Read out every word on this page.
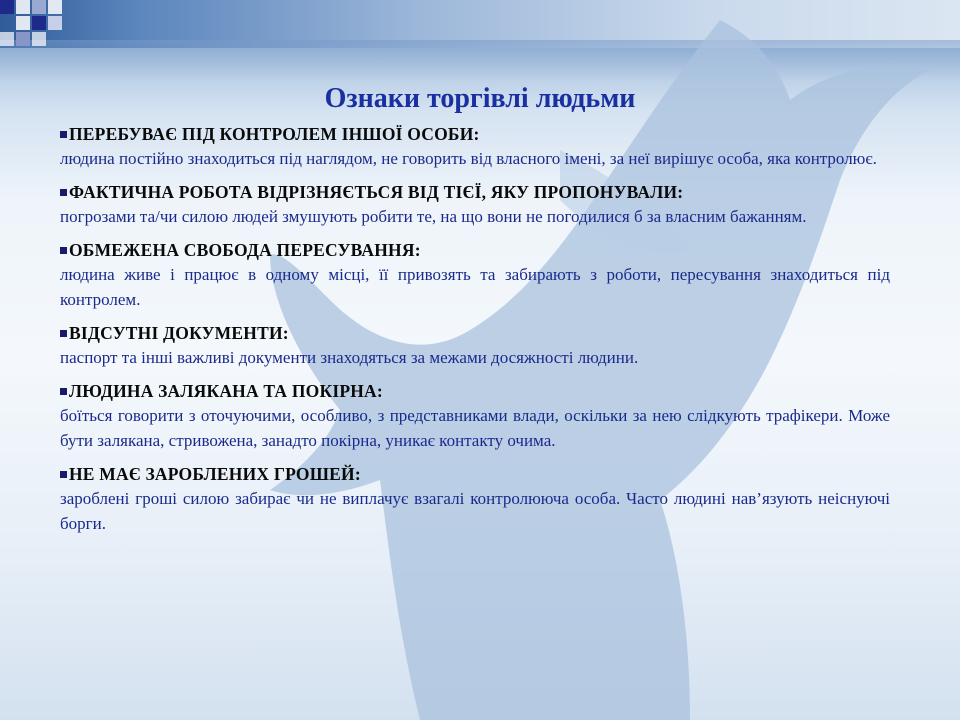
Ознаки торгівлі людьми
ПЕРЕБУВАЄ ПІД КОНТРОЛЕМ ІНШОЇ ОСОБИ:
людина постійно знаходиться під наглядом, не говорить від власного імені, за неї вирішує особа, яка контролює.
ФАКТИЧНА РОБОТА ВІДРІЗНЯЄТЬСЯ ВІД ТІЄЇ, ЯКУ ПРОПОНУВАЛИ:
погрозами та/чи силою людей змушують робити те, на що вони не погодилися б за власним бажанням.
ОБМЕЖЕНА СВОБОДА ПЕРЕСУВАННЯ:
людина живе і працює в одному місці, її привозять та забирають з роботи, пересування знаходиться під контролем.
ВІДСУТНІ ДОКУМЕНТИ:
паспорт та інші важливі документи знаходяться за межами досяжності людини.
ЛЮДИНА ЗАЛЯКАНА ТА ПОКІРНА:
боїться говорити з оточуючими, особливо, з представниками влади, оскільки за нею слідкують трафікери. Може бути залякана, стривожена, занадто покірна, уникає контакту очима.
НЕ МАЄ ЗАРОБЛЕНИХ ГРОШЕЙ:
зароблені гроші силою забирає чи не виплачує взагалі контролююча особа. Часто людині нав’язують неіснуючі борги.
